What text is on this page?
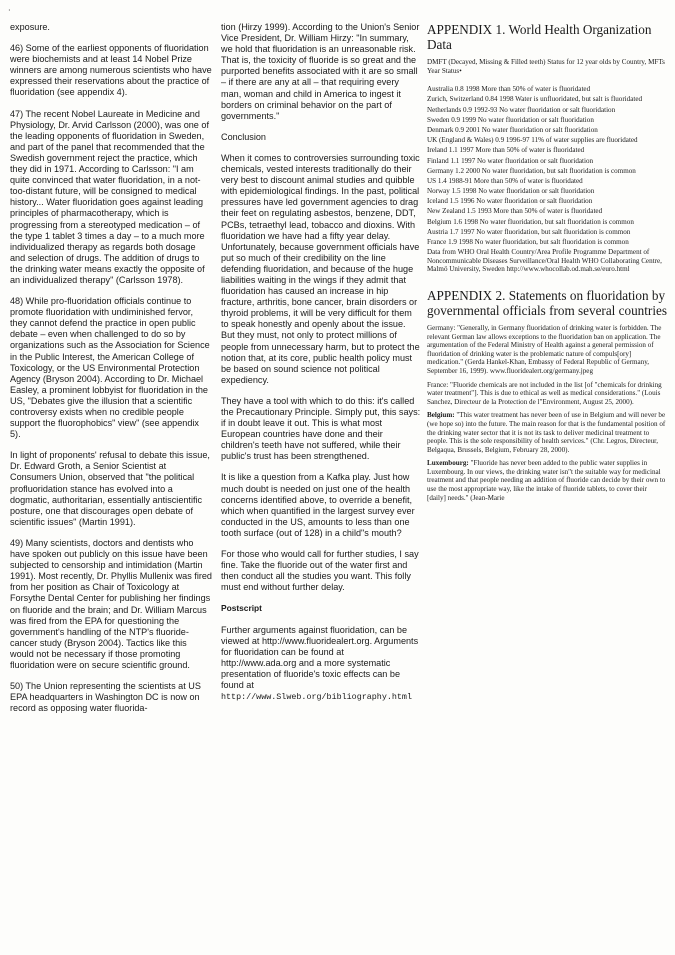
·

exposure.

46) Some of the earliest opponents of fluoridation were biochemists and at least 14 Nobel Prize winners are among numerous scientists who have expressed their reservations about the practice of fluoridation (see appendix 4).

47) The recent Nobel Laureate in Medicine and Physiology, Dr. Arvid Carlsson (2000), was one of the leading opponents of fluoridation in Sweden, and part of the panel that recommended that the Swedish government reject the practice, which they did in 1971. According to Carlsson: "I am quite convinced that water fluoridation, in a not-too-distant future, will be consigned to medical history... Water fluoridation goes against leading principles of pharmacotherapy, which is progressing from a stereotyped medication – of the type 1 tablet 3 times a day – to a much more individualized therapy as regards both dosage and selection of drugs. The addition of drugs to the drinking water means exactly the opposite of an individualized therapy" (Carlsson 1978).

48) While pro-fluoridation officials continue to promote fluoridation with undiminished fervor, they cannot defend the practice in open public debate – even when challenged to do so by organizations such as the Association for Science in the Public Interest, the American College of Toxicology, or the US Environmental Protection Agency (Bryson 2004). According to Dr. Michael Easley, a prominent lobbyist for fluoridation in the US, "Debates give the illusion that a scientific controversy exists when no credible people support the fluorophobics" view" (see appendix 5).

In light of proponents' refusal to debate this issue, Dr. Edward Groth, a Senior Scientist at Consumers Union, observed that "the political profluoridation stance has evolved into a dogmatic, authoritarian, essentially antiscientific posture, one that discourages open debate of scientific issues" (Martin 1991).

49) Many scientists, doctors and dentists who have spoken out publicly on this issue have been subjected to censorship and intimidation (Martin 1991). Most recently, Dr. Phyllis Mullenix was fired from her position as Chair of Toxicology at Forsythe Dental Center for publishing her findings on fluoride and the brain; and Dr. William Marcus was fired from the EPA for questioning the government's handling of the NTP's fluoride-cancer study (Bryson 2004). Tactics like this would not be necessary if those promoting fluoridation were on secure scientific ground.

50) The Union representing the scientists at US EPA headquarters in Washington DC is now on record as opposing water fluorida-

tion (Hirzy 1999). According to the Union's Senior Vice President, Dr. William Hirzy: "In summary, we hold that fluoridation is an unreasonable risk. That is, the toxicity of fluoride is so great and the purported benefits associated with it are so small – if there are any at all – that requiring every man, woman and child in America to ingest it borders on criminal behavior on the part of governments."

Conclusion

When it comes to controversies surrounding toxic chemicals, vested interests traditionally do their very best to discount animal studies and quibble with epidemiological findings. In the past, political pressures have led government agencies to drag their feet on regulating asbestos, benzene, DDT, PCBs, tetraethyl lead, tobacco and dioxins. With fluoridation we have had a fifty year delay. Unfortunately, because government officials have put so much of their credibility on the line defending fluoridation, and because of the huge liabilities waiting in the wings if they admit that fluoridation has caused an increase in hip fracture, arthritis, bone cancer, brain disorders or thyroid problems, it will be very difficult for them to speak honestly and openly about the issue. But they must, not only to protect millions of people from unnecessary harm, but to protect the notion that, at its core, public health policy must be based on sound science not political expediency.

They have a tool with which to do this: it's called the Precautionary Principle. Simply put, this says: if in doubt leave it out. This is what most European countries have done and their children's teeth have not suffered, while their public's trust has been strengthened.

It is like a question from a Kafka play. Just how much doubt is needed on just one of the health concerns identified above, to override a benefit, which when quantified in the largest survey ever conducted in the US, amounts to less than one tooth surface (out of 128) in a child"s mouth?

For those who would call for further studies, I say fine. Take the fluoride out of the water first and then conduct all the studies you want. This folly must end without further delay.

Postscript

Further arguments against fluoridation, can be viewed at http://www.fluoridealert.org. Arguments for fluoridation can be found at http://www.ada.org and a more systematic presentation of fluoride's toxic effects can be found at http://www.Slweb.org/bibliography.html

APPENDIX 1. World Health Organization Data
DMFT (Decayed, Missing & Filled teeth) Status for 12 year olds by Country, MFTs Year Status•
Australia 0.8 1998 More than 50% of water is fluoridated
Zurich, Switzerland 0.84 1998 Water is unfluoridated, but salt is fluoridated
Netherlands 0.9 1992-93 No water fluoridation or salt fluoridation
Sweden 0.9 1999 No water fluoridation or salt fluoridation
Denmark 0.9 2001 No water fluoridation or salt fluoridation
UK (England & Wales) 0.9 1996-97 11% of water supplies are fluoridated
Ireland 1.1 1997 More than 50% of water is fluoridated
Finland 1.1 1997 No water fluoridation or salt fluoridation
Germany 1.2 2000 No water fluoridation, but salt fluoridation is common
US 1.4 1988-91 More than 50% of water is fluoridated
Norway 1.5 1998 No water fluoridation or salt fluoridation
Iceland 1.5 1996 No water fluoridation or salt fluoridation
New Zealand 1.5 1993 More than 50% of water is fluoridated
Belgium 1.6 1998 No water fluoridation, but salt fluoridation is common
Austria 1.7 1997 No water fluoridation, but salt fluoridation is common
France 1.9 1998 No water fluoridation, but salt fluoridation is common
Data from WHO Oral Health Country/Area Profile Programme Department of Noncommunicable Diseases Surveillance/Oral Health WHO Collaborating Centre, Malmö University, Sweden http://www.whocollab.od.mah.se/euro.html
APPENDIX 2. Statements on fluoridation by governmental officials from several countries

Germany: "Generally, in Germany fluoridation of drinking water is forbidden. The relevant German law allows exceptions to the fluoridation ban on application. The argumentation of the Federal Ministry of Health against a general permission of fluoridation of drinking water is the problematic nature of compuls[ory] medication." (Gerda Hankel-Khan, Embassy of Federal Republic of Germany, September 16, 1999). www.fluoridealert.org/germany.jpeg

France: "Fluoride chemicals are not included in the list [of "chemicals for drinking water treatment"]. This is due to ethical as well as medical considerations." (Louis Sanchez, Directeur de la Protection de l"Environment, August 25, 2000).

Belgium: "This water treatment has never been of use in Belgium and will never be (we hope so) into the future. The main reason for that is the fundamental position of the drinking water sector that it is not its task to deliver medicinal treatment to people. This is the sole responsibility of health services." (Chr. Legros, Directeur, Belgaqua, Brussels, Belgium, February 28, 2000).

Luxembourg: "Fluoride has never been added to the public water supplies in Luxembourg. In our views, the drinking water isn"t the suitable way for medicinal treatment and that people needing an addition of fluoride can decide by their own to use the most appropriate way, like the intake of fluoride tablets, to cover their [daily] needs." (Jean-Marie
